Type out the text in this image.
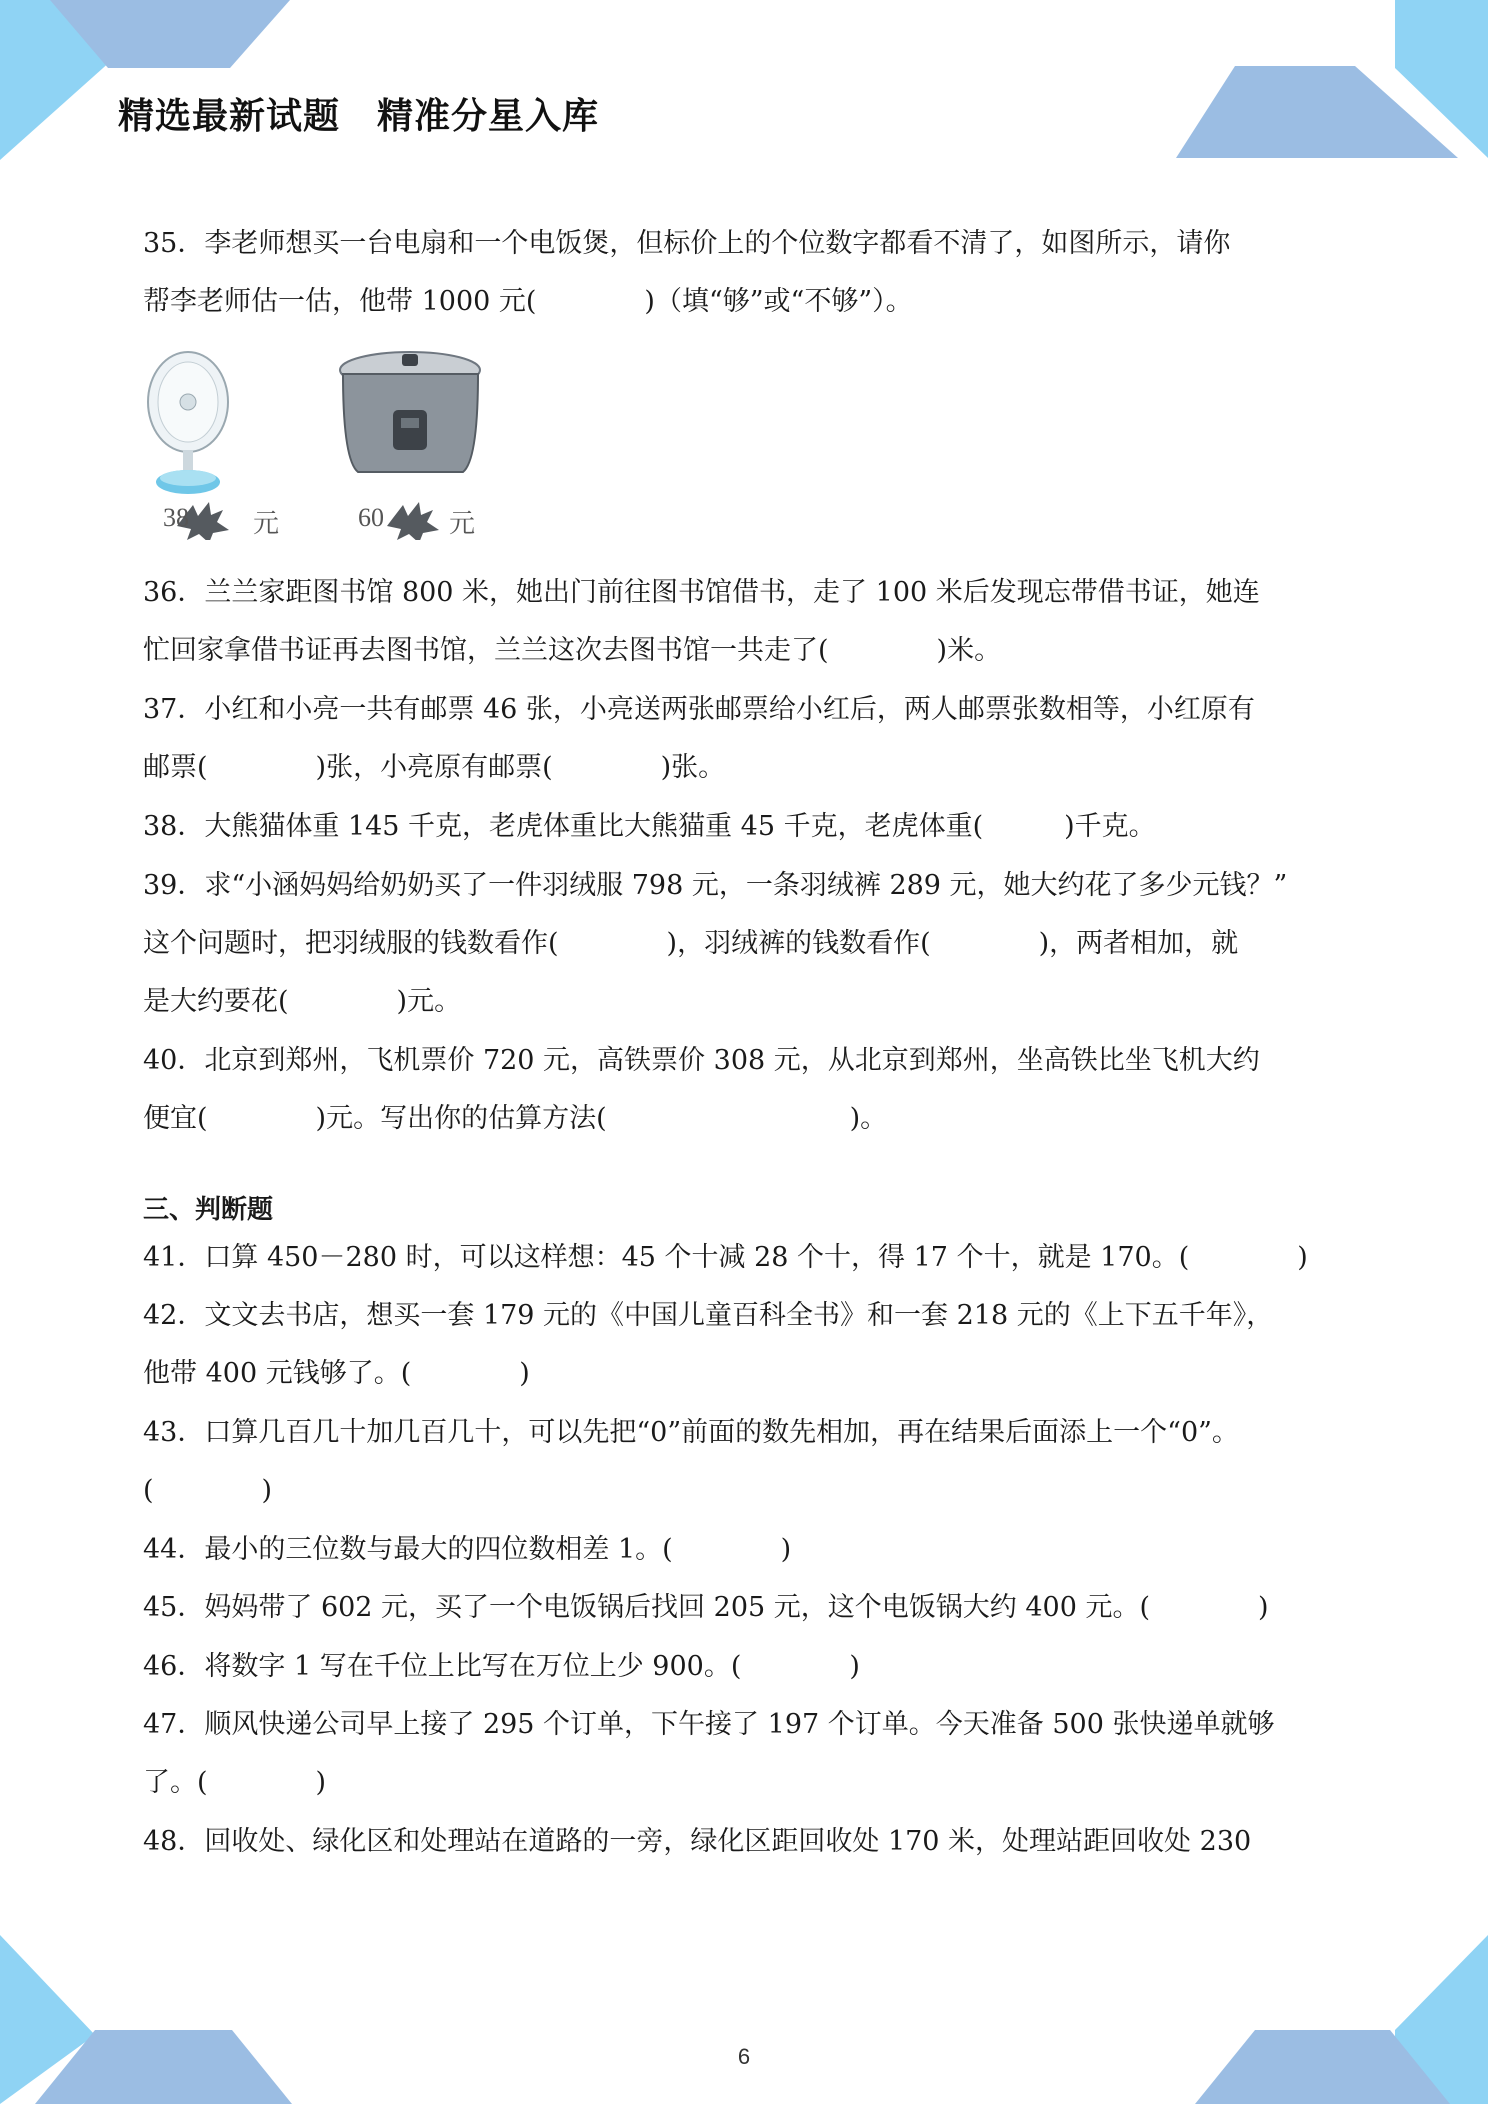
精选最新试题　精准分星入库
38 元	60	元
35．李老师想买一台电扇和一个电饭煲，但标价上的个位数字都看不清了，如图所示，请你
帮李老师估一估，他带 1000 元(　　　　)（填“够”或“不够”）。
36．兰兰家距图书馆 800 米，她出门前往图书馆借书，走了 100 米后发现忘带借书证，她连
忙回家拿借书证再去图书馆，兰兰这次去图书馆一共走了(　　　　)米。
37．小红和小亮一共有邮票 46 张，小亮送两张邮票给小红后，两人邮票张数相等，小红原有
邮票(　　　　)张，小亮原有邮票(　　　　)张。
38．大熊猫体重 145 千克，老虎体重比大熊猫重 45 千克，老虎体重(　　　)千克。
39．求“小涵妈妈给奶奶买了一件羽绒服 798 元，一条羽绒裤 289 元，她大约花了多少元钱？”
这个问题时，把羽绒服的钱数看作(　　　　)，羽绒裤的钱数看作(　　　　)，两者相加，就
是大约要花(　　　　)元。
40．北京到郑州，飞机票价 720 元，高铁票价 308 元，从北京到郑州，坐高铁比坐飞机大约
便宜(　　　　)元。写出你的估算方法(　　　　　　　　　)。
三、判断题
41．口算 450－280 时，可以这样想：45 个十减 28 个十，得 17 个十，就是 170。(　　　　)
42．文文去书店，想买一套 179 元的《中国儿童百科全书》和一套 218 元的《上下五千年》，
他带 400 元钱够了。(　　　　)
43．口算几百几十加几百几十，可以先把“0”前面的数先相加，再在结果后面添上一个“0”。
(　　　　)
44．最小的三位数与最大的四位数相差 1。(　　　　)
45．妈妈带了 602 元，买了一个电饭锅后找回 205 元，这个电饭锅大约 400 元。(　　　　)
46．将数字 1 写在千位上比写在万位上少 900。(　　　　)
47．顺风快递公司早上接了 295 个订单，下午接了 197 个订单。今天准备 500 张快递单就够
了。(　　　　)
48．回收处、绿化区和处理站在道路的一旁，绿化区距回收处 170 米，处理站距回收处 230
6
